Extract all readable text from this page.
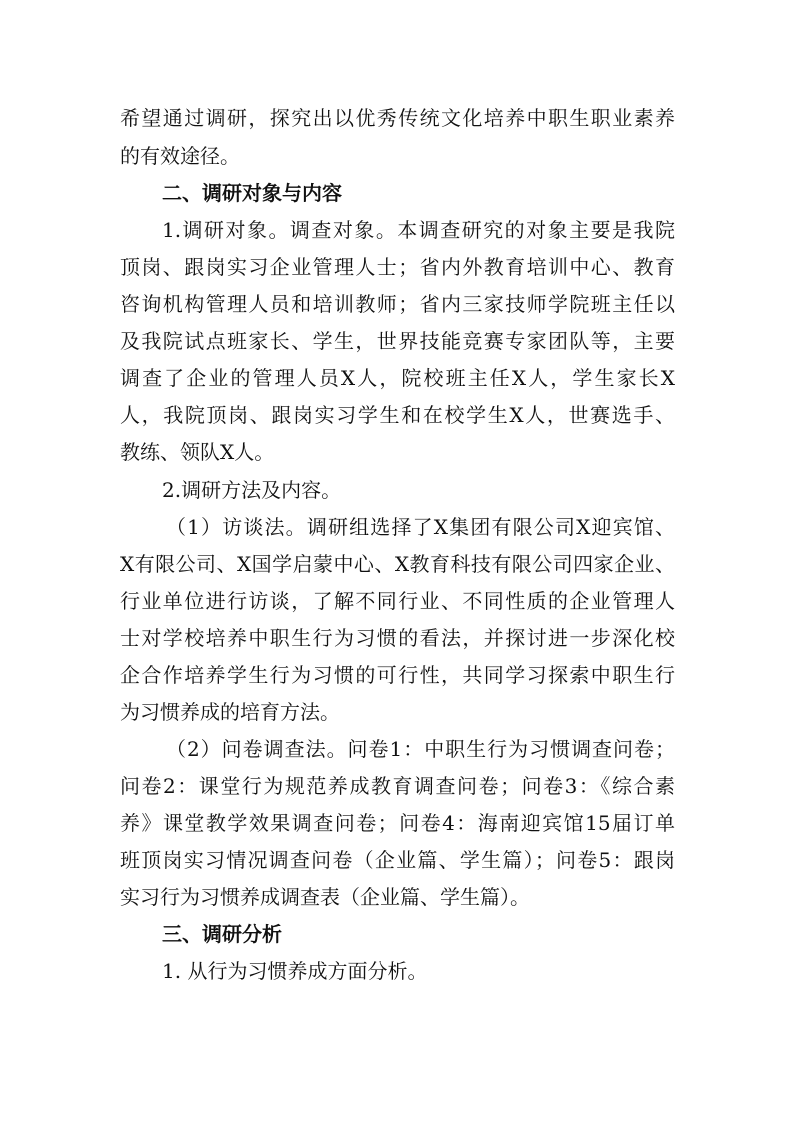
希望通过调研，探究出以优秀传统文化培养中职生职业素养
的有效途径。
二、调研对象与内容
1.调研对象。调查对象。本调查研究的对象主要是我院
顶岗、跟岗实习企业管理人士；省内外教育培训中心、教育
咨询机构管理人员和培训教师；省内三家技师学院班主任以
及我院试点班家长、学生，世界技能竞赛专家团队等，主要
调查了企业的管理人员X人，院校班主任X人，学生家长X
人，我院顶岗、跟岗实习学生和在校学生X人，世赛选手、
教练、领队X人。
2.调研方法及内容。
（1）访谈法。调研组选择了X集团有限公司X迎宾馆、
X有限公司、X国学启蒙中心、X教育科技有限公司四家企业、
行业单位进行访谈，了解不同行业、不同性质的企业管理人
士对学校培养中职生行为习惯的看法，并探讨进一步深化校
企合作培养学生行为习惯的可行性，共同学习探索中职生行
为习惯养成的培育方法。
（2）问卷调查法。问卷1：中职生行为习惯调查问卷；
问卷2：课堂行为规范养成教育调查问卷；问卷3：《综合素
养》课堂教学效果调查问卷；问卷4：海南迎宾馆15届订单
班顶岗实习情况调查问卷（企业篇、学生篇）；问卷5：跟岗
实习行为习惯养成调查表（企业篇、学生篇）。
三、调研分析
1. 从行为习惯养成方面分析。
